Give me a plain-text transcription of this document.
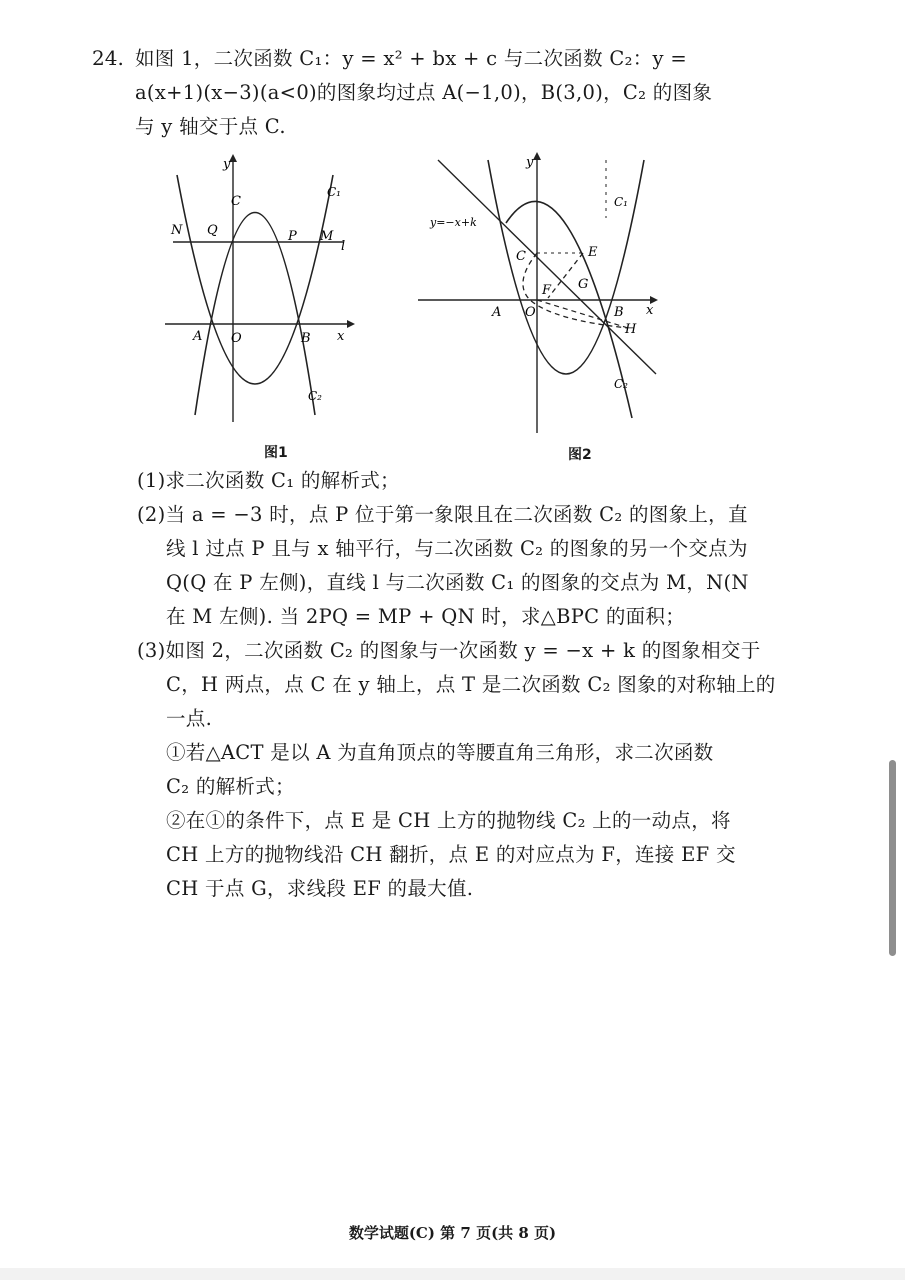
24. 如图 1，二次函数 C₁：y = x² + bx + c 与二次函数 C₂：y =
a(x+1)(x−3)(a<0)的图象均过点 A(−1,0)，B(3,0)，C₂ 的图象
与 y 轴交于点 C.
y
x
C
C₁
C₂
N Q	P M
l
A O	B
图1
y
x
y=−x+k
C₁
C₂
C	E
F G
A O	B
H
图2
(1)求二次函数 C₁ 的解析式；
(2)当 a = −3 时，点 P 位于第一象限且在二次函数 C₂ 的图象上，直
线 l 过点 P 且与 x 轴平行，与二次函数 C₂ 的图象的另一个交点为
Q(Q 在 P 左侧)，直线 l 与二次函数 C₁ 的图象的交点为 M，N(N
在 M 左侧). 当 2PQ = MP + QN 时，求△BPC 的面积；
(3)如图 2，二次函数 C₂ 的图象与一次函数 y = −x + k 的图象相交于
C，H 两点，点 C 在 y 轴上，点 T 是二次函数 C₂ 图象的对称轴上的
一点.
①若△ACT 是以 A 为直角顶点的等腰直角三角形，求二次函数
C₂ 的解析式；
②在①的条件下，点 E 是 CH 上方的抛物线 C₂ 上的一动点，将
CH 上方的抛物线沿 CH 翻折，点 E 的对应点为 F，连接 EF 交
CH 于点 G，求线段 EF 的最大值.
数学试题(C) 第 7 页(共 8 页)
